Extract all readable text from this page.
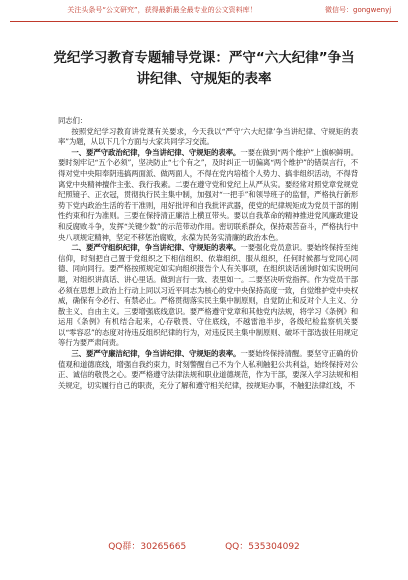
关注头条号“公文研究”，获得最新最全最专业的公文资料库！	微信号：gongwenyj
党纪学习教育专题辅导党课：严守“六大纪律”争当
讲纪律、守规矩的表率

同志们：

按照党纪学习教育讲党课有关要求，今天我以“严守‘六大纪律’争当讲纪律、守规矩的表率”为题，从以下几个方面与大家共同学习交流。

一、要严守政治纪律，争当讲纪律、守规矩的表率。一要在做到“两个维护”上旗帜鲜明。要时刻牢记“五个必须”，坚决防止“七个有之”，及时纠正一切偏离“两个维护”的错误言行，不得对党中央阳奉阴违搞两面派、做两面人，不得在党内培植个人势力、搞非组织活动，不得背离党中央精神擅作主张、我行我素。二要在遵守党和党纪上从严从实。要经常对照党章党规党纪照镜子、正衣冠，贯彻执行民主集中制，加强对“一把手”和领导班子的监督，严格执行新形势下党内政治生活的若干准则，用好批评和自我批评武器，使党的纪律规矩成为党员干部的刚性约束和行为准则。三要在保持清正廉洁上横亘带头。要以自我革命的精神推进党风廉政建设和反腐败斗争，发挥“关键少数”的示范带动作用。密切联系群众，保持艰苦奋斗，严格执行中央八项规定精神，坚定不移惩治腐败，永葆为民务实清廉的政治本色。

二、要严守组织纪律，争当讲纪律、守规矩的表率。一要强化党员意识。要始终保持至纯信仰，时刻把自己置于党组织之下相信组织、依靠组织、服从组织，任何时候都与党同心同德、同向同行。要严格按照规定如实向组织报告个人有关事项，在组织谈话函询时如实说明问题，对组织讲真话、讲心里话。做到言行一致、表里如一。二要坚决听党指挥。作为党员干部必须在思想上政治上行动上同以习近平同志为核心的党中央保持高度一致，自觉维护党中央权威，确保有令必行、有禁必止。严格贯彻落实民主集中制原则，自觉防止和反对个人主义、分散主义、自由主义。三要增强底线意识。要严格遵守党章和其他党内法规，将学习《条例》和运用《条例》有机结合起来，心存敬畏、守住底线，不越雷池半步，各级纪检监察机关要以“零容忍”的态度对待违反组织纪律的行为，对违反民主集中制原则、破坏干部选拔任用规定等行为要严肃问责。

三、要严守廉洁纪律，争当讲纪律、守规矩的表率。一要始终保持清醒。要坚守正确的价值观和道德底线，增强自我约束力，时刻警醒自己不为个人私利触犯公共利益，始终保持对公正、诚信的敬畏之心。要严格遵守法律法规和职业道德规范，作为干部，要深入学习法规和相关规定，切实履行自己的职责，充分了解和遵守相关纪律，按规矩办事，不触犯法律红线，不

QQ群：30265665	QQ：535304092
